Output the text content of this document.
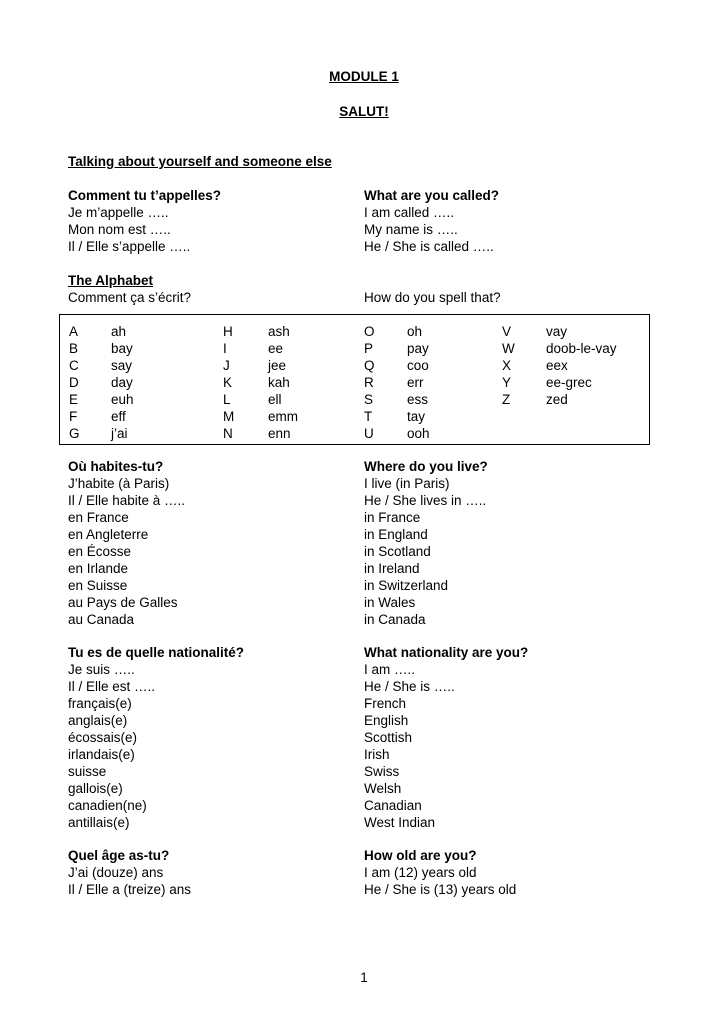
MODULE 1
SALUT!
Talking about yourself and someone else
Comment tu t’appelles?	What are you called?
Je m’appelle …..	I am called …..
Mon nom est …..	My name is …..
Il / Elle s’appelle …..	He / She is called …..
The Alphabet
Comment ça s’écrit?	How do you spell that?
A ah	H	ash	O oh	V	vay
B bay	I	ee	P	pay	W doob-le-vay
C say	J	jee	Q coo	X	eex
D day	K	kah	R err	Y	ee-grec
E euh	L	ell	S	ess	Z	zed
F	eff	M	emm	T	tay
G j’ai	N	enn	U ooh
Où habites-tu?	Where do you live?
J’habite (à Paris)	I live (in Paris)
Il / Elle habite à …..	He / She lives in …..
en France	in France
en Angleterre	in England
en Écosse	in Scotland
en Irlande	in Ireland
en Suisse	in Switzerland
au Pays de Galles	in Wales
au Canada	in Canada
Tu es de quelle nationalité?	What nationality are you?
Je suis …..	I am …..
Il / Elle est …..	He / She is …..
français(e)	French
anglais(e)	English
écossais(e)	Scottish
irlandais(e)	Irish
suisse	Swiss
gallois(e)	Welsh
canadien(ne)	Canadian
antillais(e)	West Indian
Quel âge as-tu?	How old are you?
J’ai (douze) ans	I am (12) years old
Il / Elle a (treize) ans	He / She is (13) years old
1
